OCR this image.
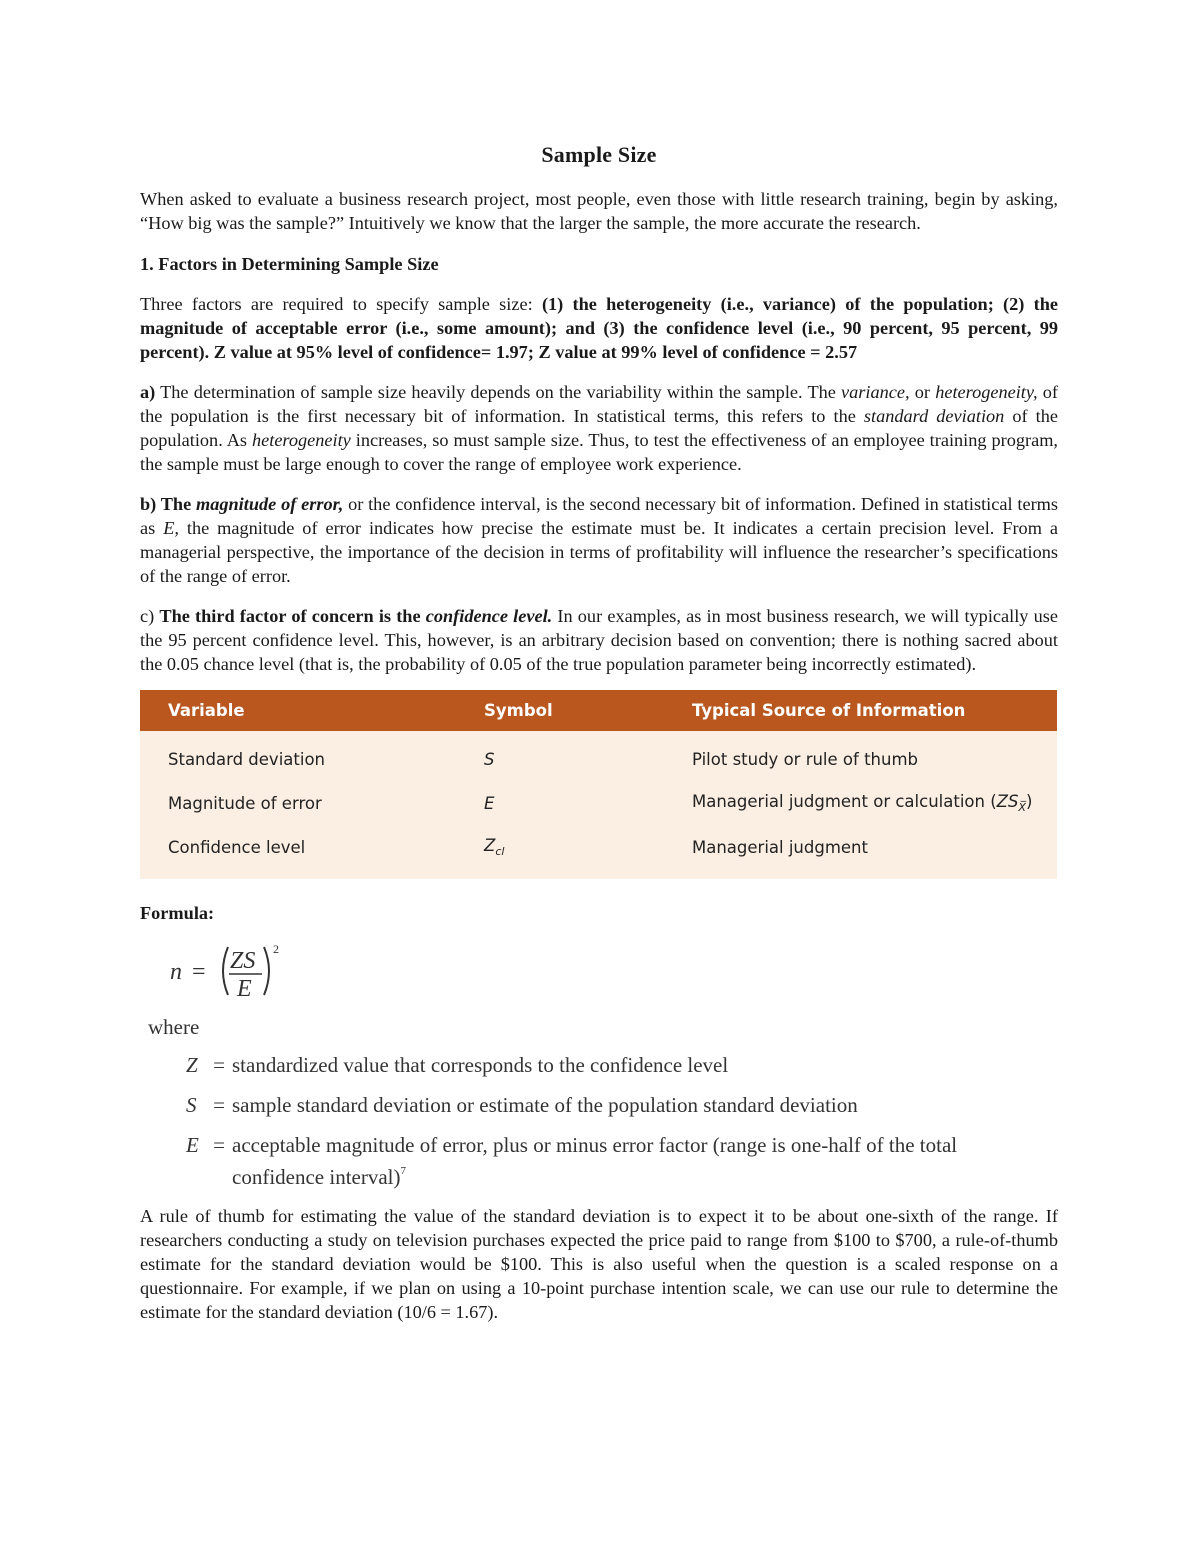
Sample Size

When asked to evaluate a business research project, most people, even those with little research training, begin by asking, “How big was the sample?” Intuitively we know that the larger the sample, the more accurate the research.

1. Factors in Determining Sample Size

Three factors are required to specify sample size: (1) the heterogeneity (i.e., variance) of the population; (2) the magnitude of acceptable error (i.e., some amount); and (3) the confidence level (i.e., 90 percent, 95 percent, 99 percent). Z value at 95% level of confidence= 1.97; Z value at 99% level of confidence = 2.57

a) The determination of sample size heavily depends on the variability within the sample. The variance, or heterogeneity, of the population is the first necessary bit of information. In statistical terms, this refers to the standard deviation of the population. As heterogeneity increases, so must sample size. Thus, to test the effectiveness of an employee training program, the sample must be large enough to cover the range of employee work experience.

b) The magnitude of error, or the confidence interval, is the second necessary bit of information. Defined in statistical terms as E, the magnitude of error indicates how precise the estimate must be. It indicates a certain precision level. From a managerial perspective, the importance of the decision in terms of profitability will influence the researcher’s specifications of the range of error.

c) The third factor of concern is the confidence level. In our examples, as in most business research, we will typically use the 95 percent confidence level. This, however, is an arbitrary decision based on convention; there is nothing sacred about the 0.05 chance level (that is, the probability of 0.05 of the true population parameter being incorrectly estimated).

Variable	Symbol	Typical Source of Information
Standard deviation	S	Pilot study or rule of thumb
Magnitude of error	E	Managerial judgment or calculation $(ZS_{X̅})$
Confidence level	$Z_{cl}$	Managerial judgment

Formula:

n = ZS
E
2
where
Z = standardized value that corresponds to the confidence level
S = sample standard deviation or estimate of the population standard deviation
E = acceptable magnitude of error, plus or minus error factor (range is one-half of the total
confidence interval)$^7$

A rule of thumb for estimating the value of the standard deviation is to expect it to be about one-sixth of the range. If researchers conducting a study on television purchases expected the price paid to range from $100 to $700, a rule-of-thumb estimate for the standard deviation would be $100. This is also useful when the question is a scaled response on a questionnaire. For example, if we plan on using a 10-point purchase intention scale, we can use our rule to determine the estimate for the standard deviation (10/6 = 1.67).
